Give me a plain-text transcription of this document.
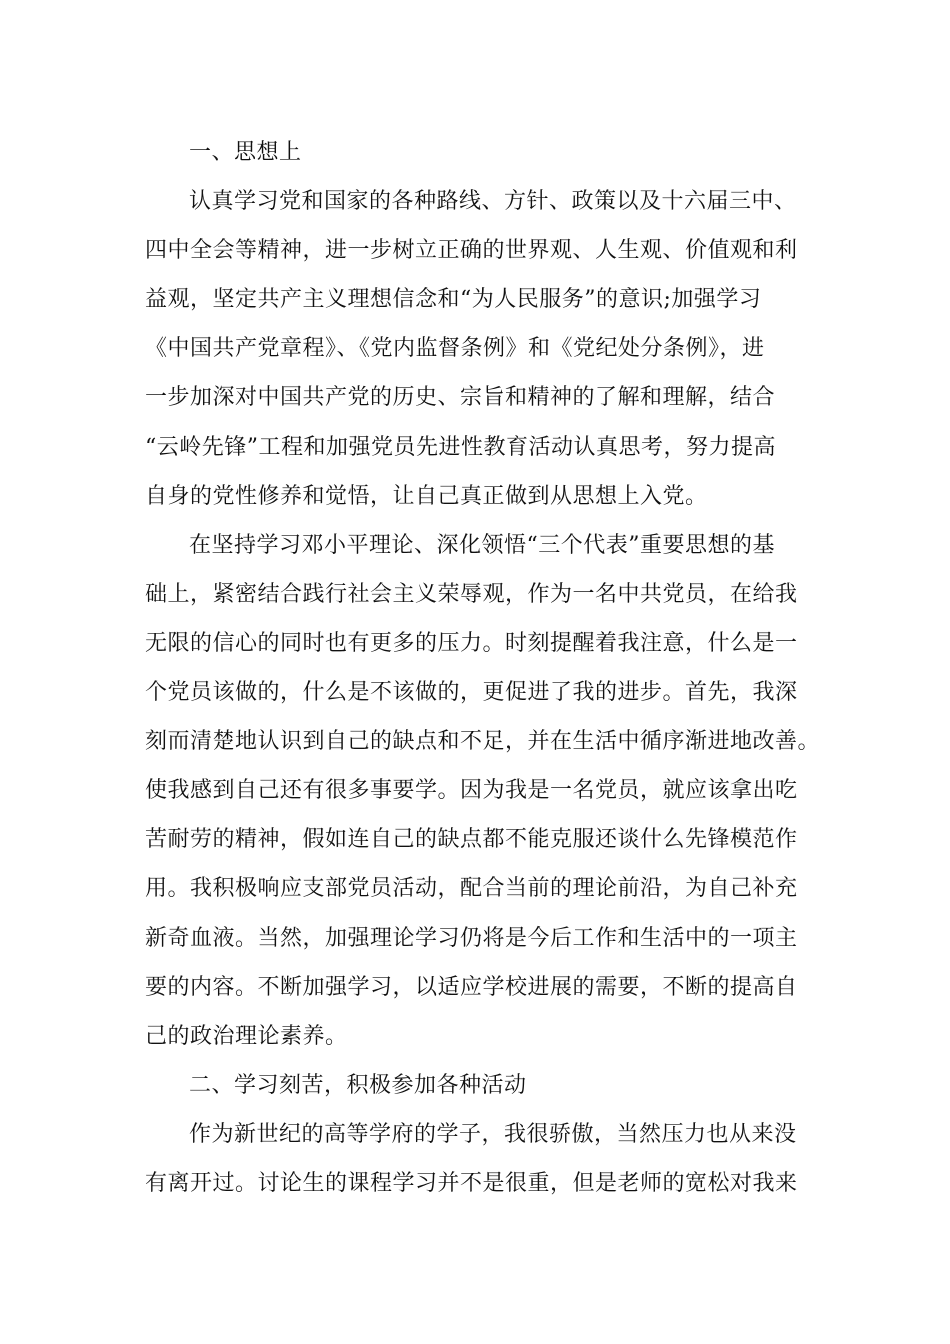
一、思想上
认真学习党和国家的各种路线、方针、政策以及十六届三中、
四中全会等精神，进一步树立正确的世界观、人生观、价值观和利
益观，坚定共产主义理想信念和“为人民服务”的意识;加强学习
《中国共产党章程》、《党内监督条例》和《党纪处分条例》，进
一步加深对中国共产党的历史、宗旨和精神的了解和理解，结合
“云岭先锋”工程和加强党员先进性教育活动认真思考，努力提高
自身的党性修养和觉悟，让自己真正做到从思想上入党。
在坚持学习邓小平理论、深化领悟“三个代表”重要思想的基
础上，紧密结合践行社会主义荣辱观，作为一名中共党员，在给我
无限的信心的同时也有更多的压力。时刻提醒着我注意，什么是一
个党员该做的，什么是不该做的，更促进了我的进步。首先，我深
刻而清楚地认识到自己的缺点和不足，并在生活中循序渐进地改善。
使我感到自己还有很多事要学。因为我是一名党员，就应该拿出吃
苦耐劳的精神，假如连自己的缺点都不能克服还谈什么先锋模范作
用。我积极响应支部党员活动，配合当前的理论前沿，为自己补充
新奇血液。当然，加强理论学习仍将是今后工作和生活中的一项主
要的内容。不断加强学习，以适应学校进展的需要，不断的提高自
己的政治理论素养。
二、学习刻苦，积极参加各种活动
作为新世纪的高等学府的学子，我很骄傲，当然压力也从来没
有离开过。讨论生的课程学习并不是很重，但是老师的宽松对我来
